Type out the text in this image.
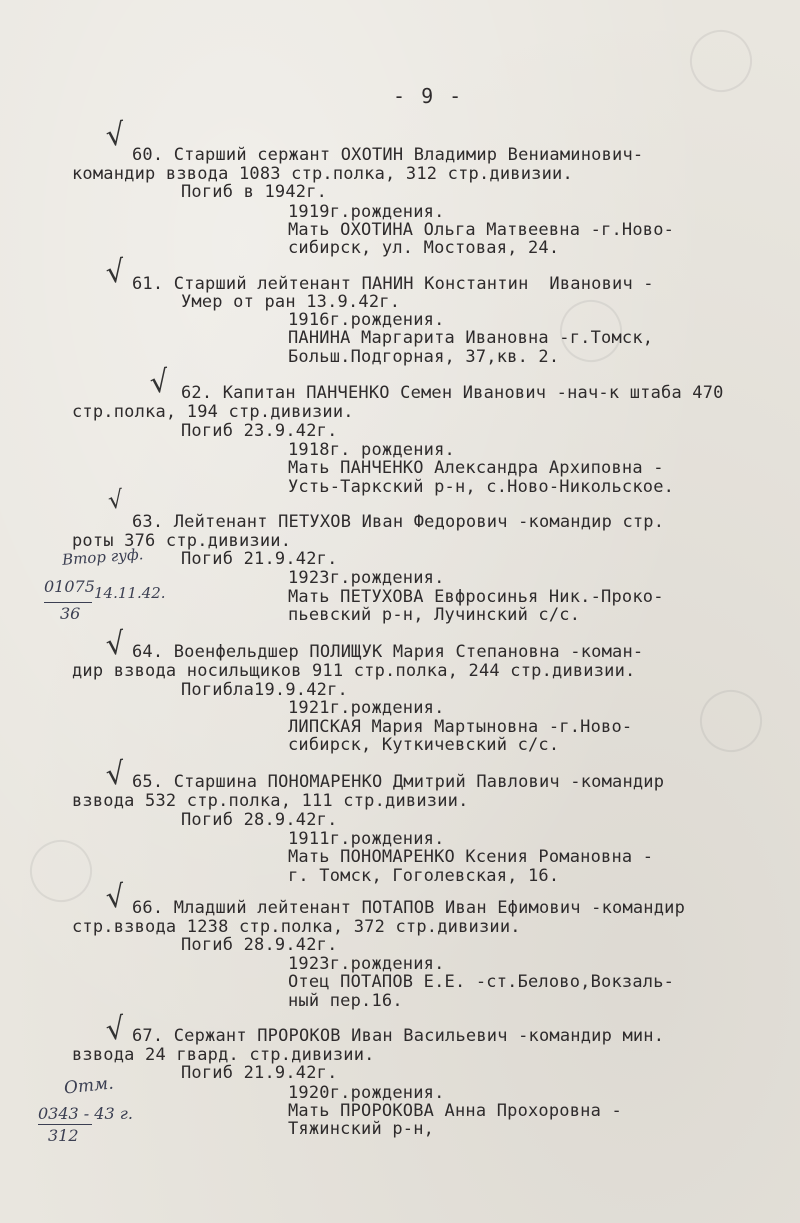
- 9 -
√
60. Старший сержант ОХОТИН Владимир Вениаминович-
командир взвода 1083 стр.полка, 312 стр.дивизии.
Погиб в 1942г.
1919г.рождения.
Мать ОХОТИНА Ольга Матвеевна -г.Ново-
сибирск, ул. Мостовая, 24.
√ 61. Старший лейтенант ПАНИН Константин  Иванович -
Умер от ран 13.9.42г.
1916г.рождения.
ПАНИНА Маргарита Ивановна -г.Томск,
Больш.Подгорная, 37,кв. 2.
√ 62. Капитан ПАНЧЕНКО Семен Иванович -нач-к штаба 470
стр.полка, 194 стр.дивизии.
Погиб 23.9.42г.
1918г. рождения.
Мать ПАНЧЕНКО Александра Архиповна -
Усть-Таркский р-н, с.Ново-Никольское.
√
63. Лейтенант ПЕТУХОВ Иван Федорович -командир стр.
роты 376 стр.дивизии.
Погиб 21.9.42г.
1923г.рождения.
Мать ПЕТУХОВА Евфросинья Ник.-Проко-
пьевский р-н, Лучинский с/с.
Втор гуф.
01075 14.11.42.
36
√ 64. Военфельдшер ПОЛИЩУК Мария Степановна -коман-
дир взвода носильщиков 911 стр.полка, 244 стр.дивизии.
Погибла19.9.42г.
1921г.рождения.
ЛИПСКАЯ Мария Мартыновна -г.Ново-
сибирск, Куткичевский с/с.
√ 65. Старшина ПОНОМАРЕНКО Дмитрий Павлович -командир
взвода 532 стр.полка, 111 стр.дивизии.
Погиб 28.9.42г.
1911г.рождения.
Мать ПОНОМАРЕНКО Ксения Романовна -
г. Томск, Гоголевская, 16.
√ 66. Младший лейтенант ПОТАПОВ Иван Ефимович -командир
стр.взвода 1238 стр.полка, 372 стр.дивизии.
Погиб 28.9.42г.
1923г.рождения.
Отец ПОТАПОВ Е.Е. -ст.Белово,Вокзаль-
ный пер.16.
√ 67. Сержант ПРОРОКОВ Иван Васильевич -командир мин.
взвода 24 гвард. стр.дивизии.
Погиб 21.9.42г.
1920г.рождения.
Мать ПРОРОКОВА Анна Прохоровна -
Тяжинский р-н,
Отм.
0343 - 43 г.
312
